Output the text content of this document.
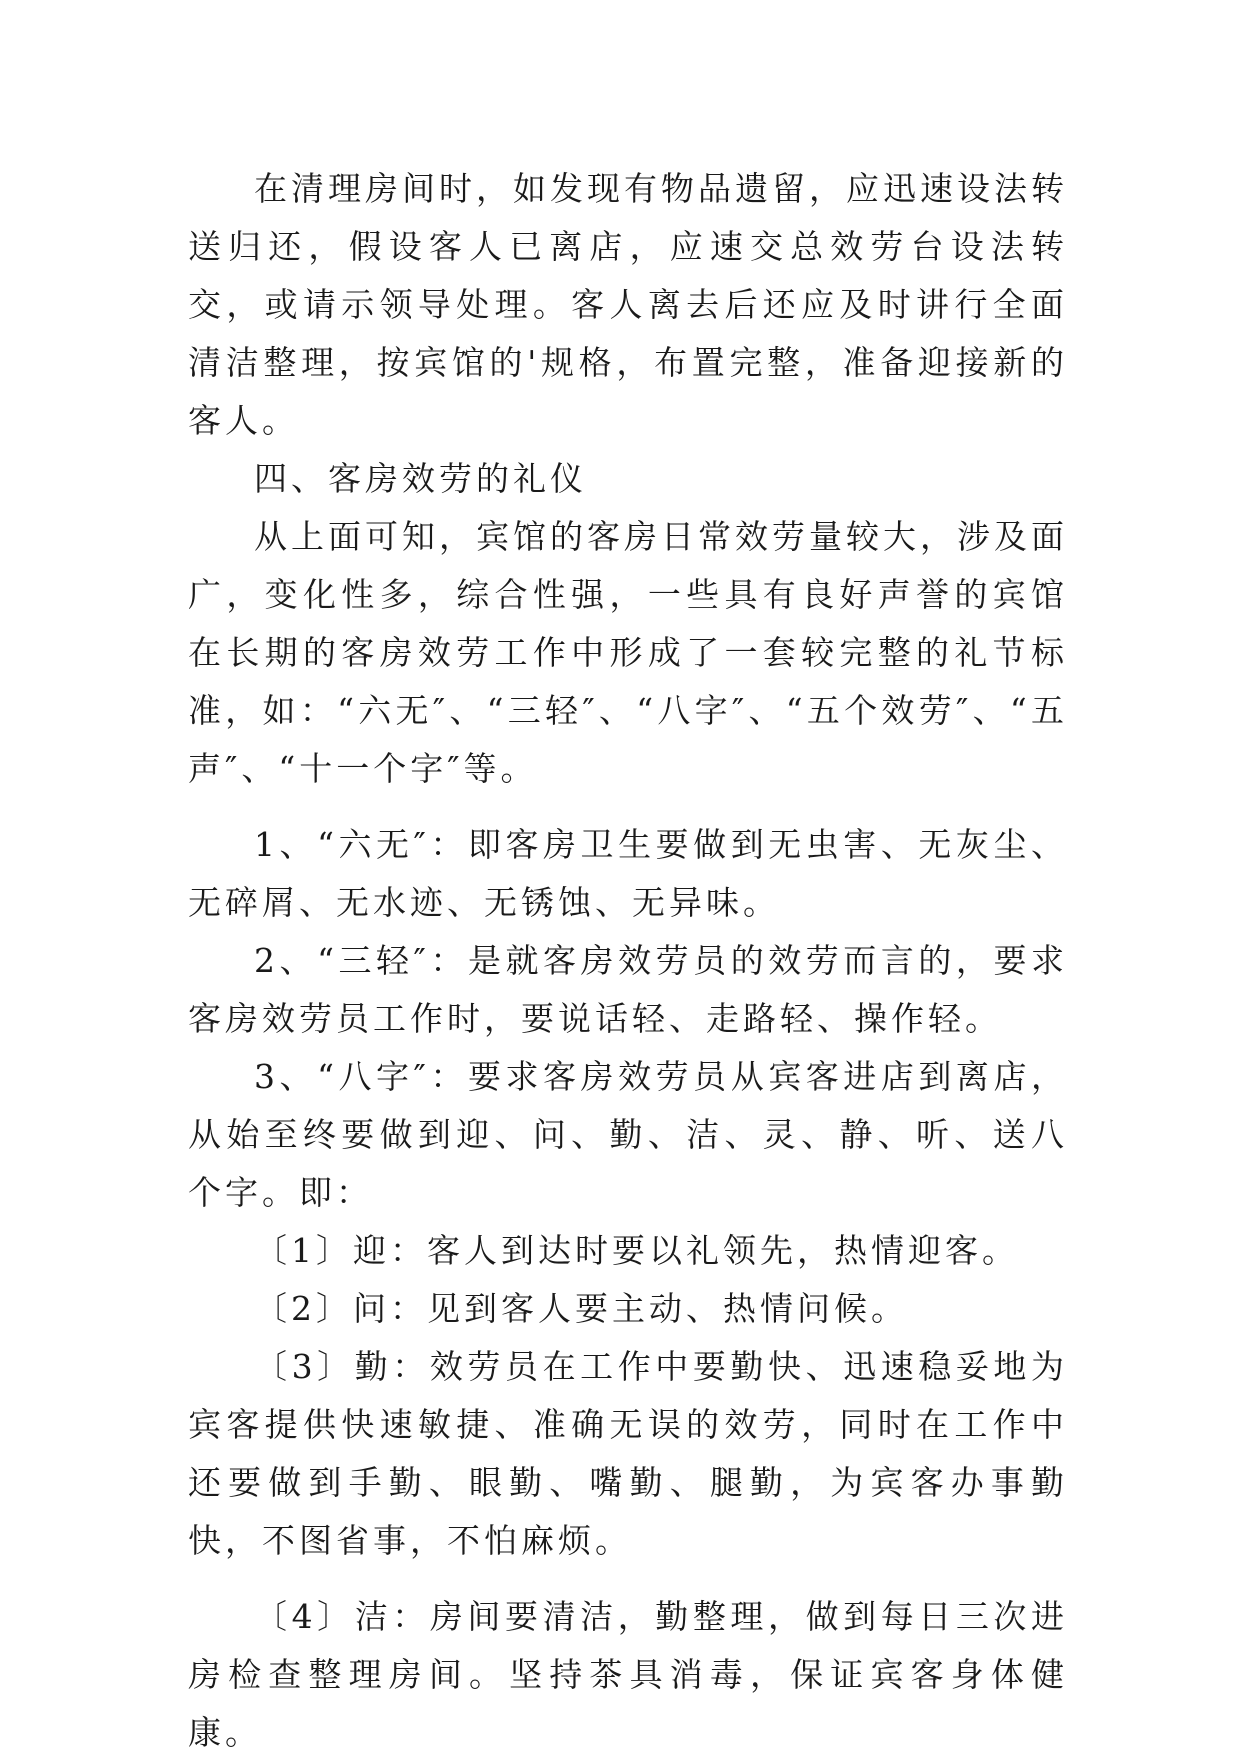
在清理房间时，如发现有物品遗留，应迅速设法转送归还，假设客人已离店，应速交总效劳台设法转交，或请示领导处理。客人离去后还应及时讲行全面清洁整理，按宾馆的'规格，布置完整，准备迎接新的客人。

四、客房效劳的礼仪

从上面可知，宾馆的客房日常效劳量较大，涉及面广，变化性多，综合性强，一些具有良好声誉的宾馆在长期的客房效劳工作中形成了一套较完整的礼节标准，如：“六无″、“三轻″、“八字″、“五个效劳″、“五声″、“十一个字″等。

1、“六无″：即客房卫生要做到无虫害、无灰尘、无碎屑、无水迹、无锈蚀、无异味。

2、“三轻″：是就客房效劳员的效劳而言的，要求客房效劳员工作时，要说话轻、走路轻、操作轻。

3、“八字″：要求客房效劳员从宾客进店到离店，从始至终要做到迎、问、勤、洁、灵、静、听、送八个字。即：

〔1〕迎：客人到达时要以礼领先，热情迎客。

〔2〕问：见到客人要主动、热情问候。

〔3〕勤：效劳员在工作中要勤快、迅速稳妥地为宾客提供快速敏捷、准确无误的效劳，同时在工作中还要做到手勤、眼勤、嘴勤、腿勤，为宾客办事勤快，不图省事，不怕麻烦。

〔4〕洁：房间要清洁，勤整理，做到每日三次进房检查整理房间。坚持茶具消毒，保证宾客身体健康。
